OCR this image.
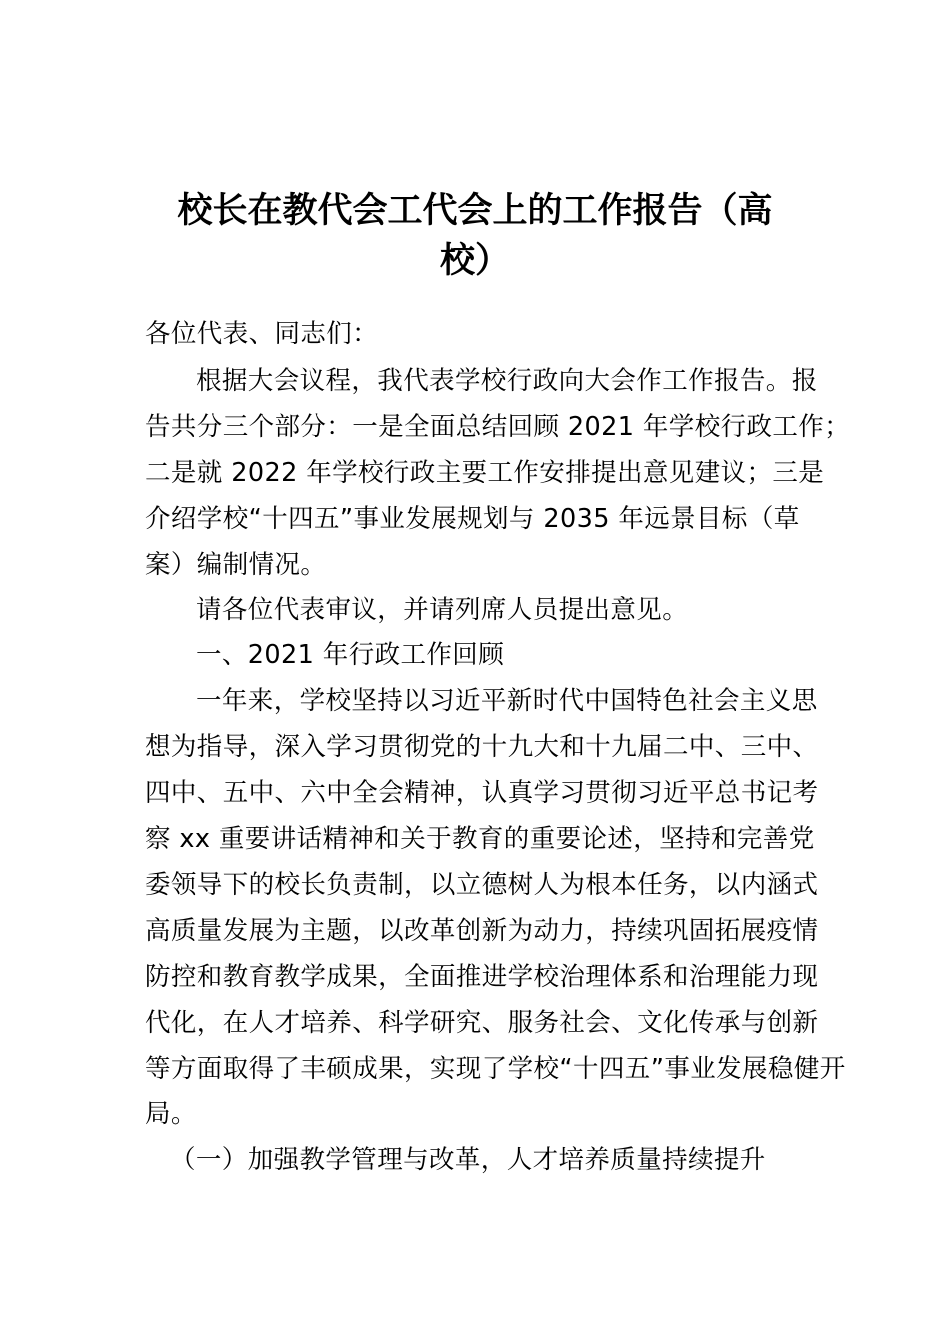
校长在教代会工代会上的工作报告（高
校）
各位代表、同志们：
根据大会议程，我代表学校行政向大会作工作报告。报
告共分三个部分：一是全面总结回顾 2021 年学校行政工作；
二是就 2022 年学校行政主要工作安排提出意见建议；三是
介绍学校“十四五”事业发展规划与 2035 年远景目标（草
案）编制情况。
请各位代表审议，并请列席人员提出意见。
一、2021 年行政工作回顾
一年来，学校坚持以习近平新时代中国特色社会主义思
想为指导，深入学习贯彻党的十九大和十九届二中、三中、
四中、五中、六中全会精神，认真学习贯彻习近平总书记考
察 xx 重要讲话精神和关于教育的重要论述，坚持和完善党
委领导下的校长负责制，以立德树人为根本任务，以内涵式
高质量发展为主题，以改革创新为动力，持续巩固拓展疫情
防控和教育教学成果，全面推进学校治理体系和治理能力现
代化，在人才培养、科学研究、服务社会、文化传承与创新
等方面取得了丰硕成果，实现了学校“十四五”事业发展稳健开
局。
（一）加强教学管理与改革，人才培养质量持续提升
